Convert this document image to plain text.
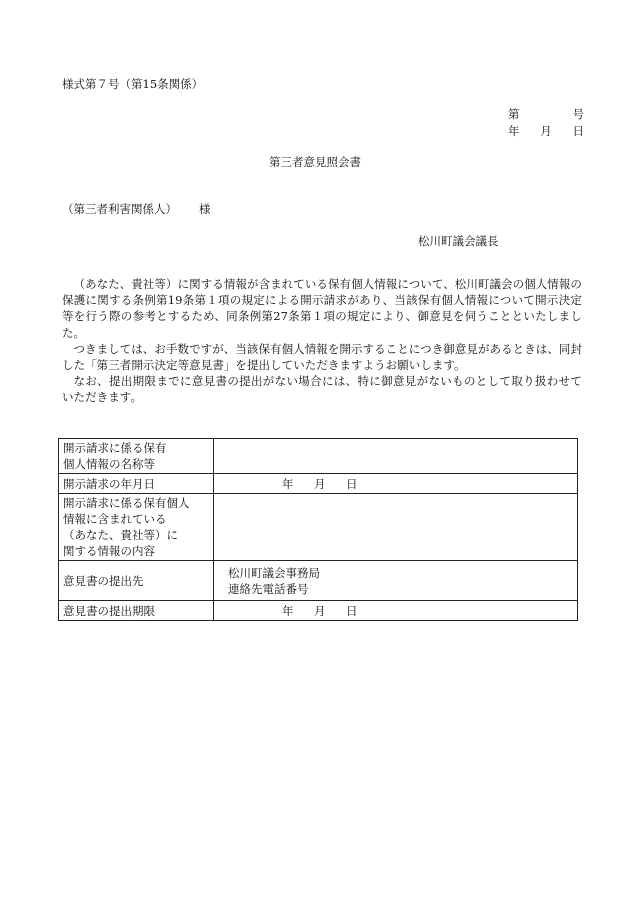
様式第７号（第15条関係）
第	号
年 月 日
第三者意見照会書
（第三者利害関係人） 様
松川町議会議長

（あなた、貴社等）に関する情報が含まれている保有個人情報について、松川町議会の個人情報の保護に関する条例第19条第１項の規定による開示請求があり、当該保有個人情報について開示決定等を行う際の参考とするため、同条例第27条第１項の規定により、御意見を伺うことといたしました。

つきましては、お手数ですが、当該保有個人情報を開示することにつき御意見があるときは、同封した「第三者開示決定等意見書」を提出していただきますようお願いします。

なお、提出期限までに意見書の提出がない場合には、特に御意見がないものとして取り扱わせていただきます。

開示請求に係る保有
個人情報の名称等	

開示請求の年月日	年 月 日

開示請求に係る保有個人
情報に含まれている
（あなた、貴社等）に
関する情報の内容	

意見書の提出先	松川町議会事務局
連絡先電話番号

意見書の提出期限	年 月 日
